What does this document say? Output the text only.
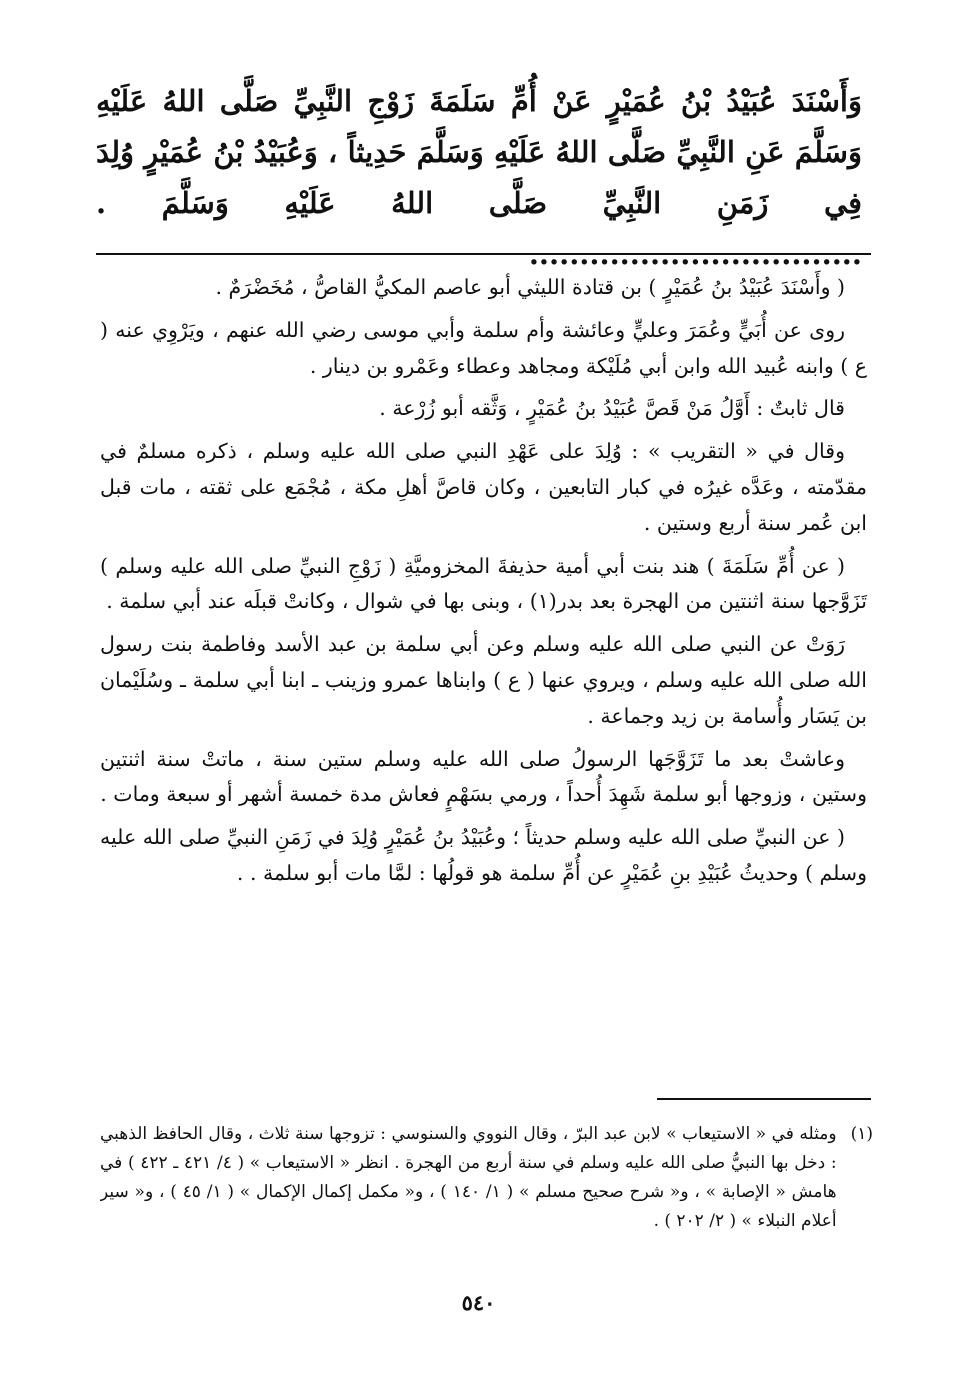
وَأَسْنَدَ عُبَيْدُ بْنُ عُمَيْرٍ عَنْ أُمِّ سَلَمَةَ زَوْجِ النَّبِيِّ صَلَّى اللهُ عَلَيْهِ وَسَلَّمَ عَنِ النَّبِيِّ صَلَّى اللهُ عَلَيْهِ وَسَلَّمَ حَدِيثاً ، وَعُبَيْدُ بْنُ عُمَيْرٍ وُلِدَ فِي زَمَنِ النَّبِيِّ صَلَّى اللهُ عَلَيْهِ وَسَلَّمَ . .................................

( وأَسْنَدَ عُبَيْدُ بنُ عُمَيْرٍ ) بن قتادة الليثي أبو عاصم المكيُّ القاصُّ ، مُخَضْرَمٌ .

روى عن أُبَيٍّ وعُمَرَ وعليٍّ وعائشة وأم سلمة وأبي موسى رضي الله عنهم ، ويَرْوِي عنه ( ع ) وابنه عُبيد الله وابن أبي مُلَيْكة ومجاهد وعطاء وعَمْرو بن دينار .

قال ثابتٌ : أَوَّلُ مَنْ قَصَّ عُبَيْدُ بنُ عُمَيْرٍ ، وَثَّقه أبو زُرْعة .

وقال في « التقريب » : وُلِدَ على عَهْدِ النبي صلى الله عليه وسلم ، ذكره مسلمٌ في مقدّمته ، وعَدَّه غيرُه في كبار التابعين ، وكان قاصَّ أهلِ مكة ، مُجْمَع على ثقته ، مات قبل ابن عُمر سنة أربع وستين .

( عن أُمِّ سَلَمَةَ ) هند بنت أبي أمية حذيفةَ المخزوميَّةِ ( زَوْجِ النبيِّ صلى الله عليه وسلم ) تَزَوَّجها سنة اثنتين من الهجرة بعد بدر(١) ، وبنى بها في شوال ، وكانتْ قبلَه عند أبي سلمة .

رَوَتْ عن النبي صلى الله عليه وسلم وعن أبي سلمة بن عبد الأسد وفاطمة بنت رسول الله صلى الله عليه وسلم ، ويروي عنها ( ع ) وابناها عمرو وزينب ـ ابنا أبي سلمة ـ وسُلَيْمان بن يَسَار وأُسامة بن زيد وجماعة .

وعاشتْ بعد ما تَزَوَّجَها الرسولُ صلى الله عليه وسلم ستين سنة ، ماتتْ سنة اثنتين وستين ، وزوجها أبو سلمة شَهِدَ أُحداً ، ورمي بسَهْمٍ فعاش مدة خمسة أشهر أو سبعة ومات .

( عن النبيِّ صلى الله عليه وسلم حديثاً ؛ وعُبَيْدُ بنُ عُمَيْرٍ وُلِدَ في زَمَنِ النبيِّ صلى الله عليه وسلم ) وحديثُ عُبَيْدِ بنِ عُمَيْرٍ عن أُمِّ سلمة هو قولُها : لمَّا مات أبو سلمة . .

(١)
ومثله في « الاستيعاب » لابن عبد البرّ ، وقال النووي والسنوسي : تزوجها سنة ثلاث ، وقال الحافظ الذهبي : دخل بها النبيُّ صلى الله عليه وسلم في سنة أربع من الهجرة . انظر « الاستيعاب » ( ٤/ ٤٢١ ـ ٤٢٢ ) في هامش « الإصابة » ، و« شرح صحيح مسلم » ( ١/ ١٤٠ ) ، و« مكمل إكمال الإكمال » ( ١/ ٤٥ ) ، و« سير أعلام النبلاء » ( ٢/ ٢٠٢ ) .
٥٤٠
